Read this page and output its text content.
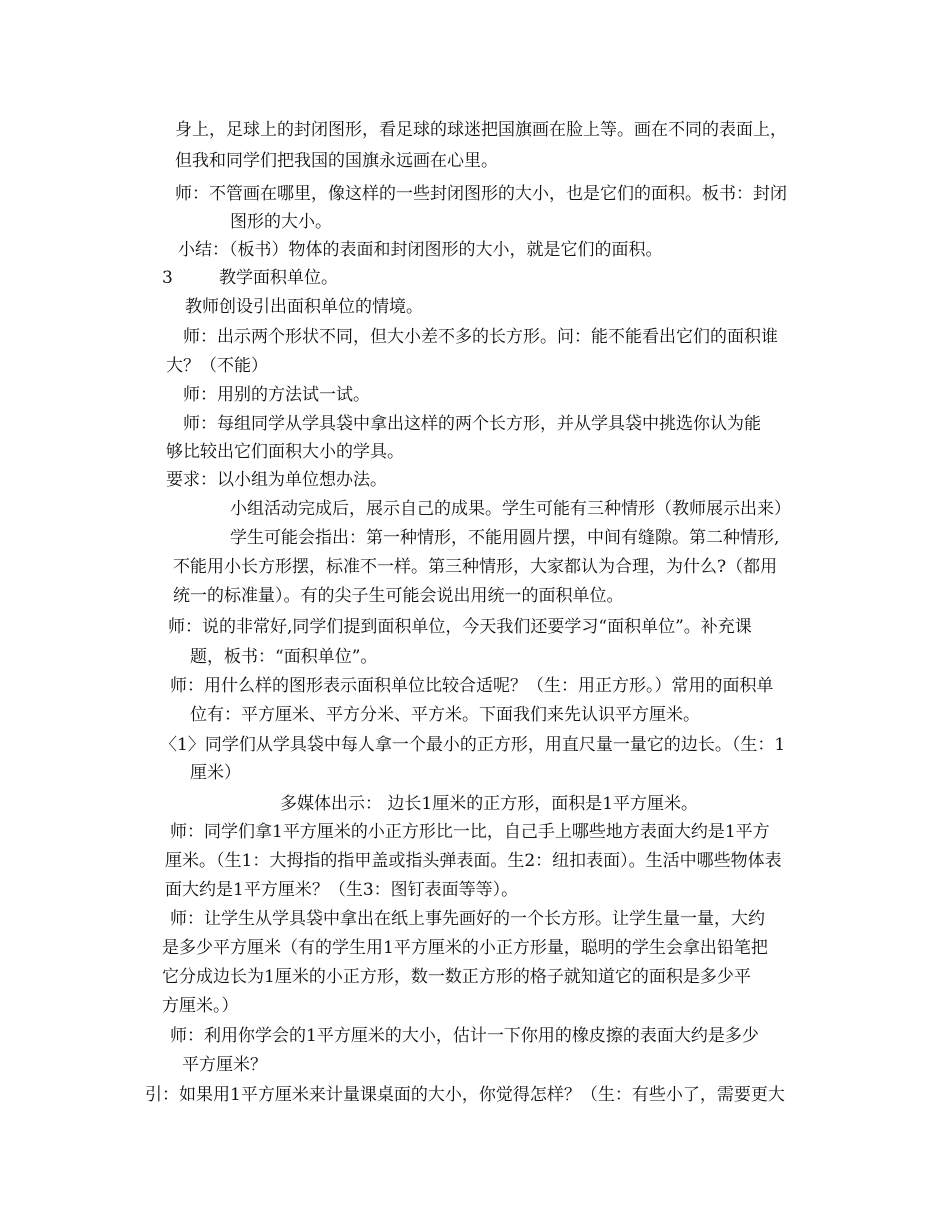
身上，足球上的封闭图形，看足球的球迷把国旗画在脸上等。画在不同的表面上，
但我和同学们把我国的国旗永远画在心里。
师：不管画在哪里，像这样的一些封闭图形的大小，也是它们的面积。板书：封闭
图形的大小。
小结：（板书）物体的表面和封闭图形的大小，就是它们的面积。
3	教学面积单位。
教师创设引出面积单位的情境。
师：出示两个形状不同，但大小差不多的长方形。问：能不能看出它们的面积谁
大？（不能）
师：用别的方法试一试。
师：每组同学从学具袋中拿出这样的两个长方形，并从学具袋中挑选你认为能
够比较出它们面积大小的学具。
要求：以小组为单位想办法。
小组活动完成后，展示自己的成果。学生可能有三种情形（教师展示出来）
学生可能会指出：第一种情形，不能用圆片摆，中间有缝隙。第二种情形,
不能用小长方形摆，标准不一样。第三种情形，大家都认为合理，为什么?（都用
统一的标准量）。有的尖子生可能会说出用统一的面积单位。
师：说的非常好,同学们提到面积单位，今天我们还要学习“面积单位”。补充课
题，板书：“面积单位”。
师：用什么样的图形表示面积单位比较合适呢？（生：用正方形。）常用的面积单
位有：平方厘米、平方分米、平方米。下面我们来先认识平方厘米。
〈1〉同学们从学具袋中每人拿一个最小的正方形，用直尺量一量它的边长。（生：1
厘米）
多媒体出示： 边长1厘米的正方形，面积是1平方厘米。
师：同学们拿1平方厘米的小正方形比一比，自己手上哪些地方表面大约是1平方
厘米。（生1：大拇指的指甲盖或指头弹表面。生2：纽扣表面）。生活中哪些物体表
面大约是1平方厘米？（生3：图钉表面等等）。
师：让学生从学具袋中拿出在纸上事先画好的一个长方形。让学生量一量，大约
是多少平方厘米（有的学生用1平方厘米的小正方形量，聪明的学生会拿出铅笔把
它分成边长为1厘米的小正方形，数一数正方形的格子就知道它的面积是多少平
方厘米。）
师：利用你学会的1平方厘米的大小，估计一下你用的橡皮擦的表面大约是多少
平方厘米？
引：如果用1平方厘米来计量课桌面的大小，你觉得怎样？（生：有些小了，需要更大
